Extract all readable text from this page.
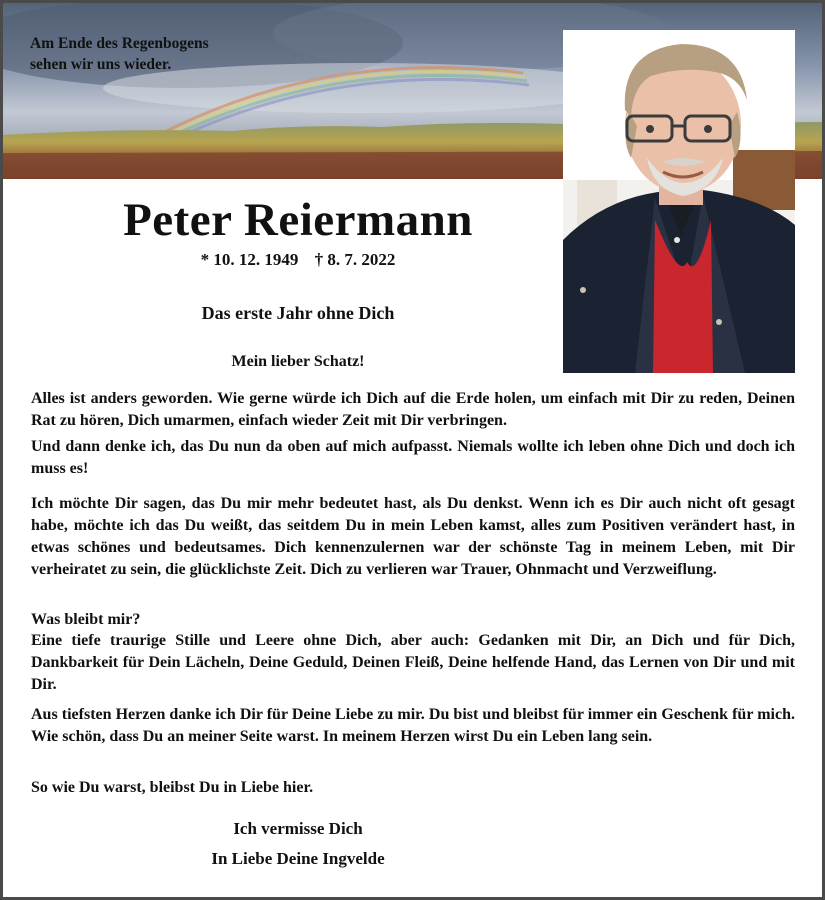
Am Ende des Regenbogens
sehen wir uns wieder.
Peter Reiermann
* 10. 12. 1949 † 8. 7. 2022
Das erste Jahr ohne Dich
Mein lieber Schatz!
Alles ist anders geworden. Wie gerne würde ich Dich auf die Erde holen, um einfach mit Dir zu reden, Deinen Rat zu hören, Dich umarmen, einfach wieder Zeit mit Dir verbringen.
Und dann denke ich, das Du nun da oben auf mich aufpasst. Niemals wollte ich leben ohne Dich und doch ich muss es!
Ich möchte Dir sagen, das Du mir mehr bedeutet hast, als Du denkst. Wenn ich es Dir auch nicht oft gesagt habe, möchte ich das Du weißt, das seitdem Du in mein Leben kamst, alles zum Positiven verändert hast, in etwas schönes und bedeutsames. Dich kennenzulernen war der schönste Tag in meinem Leben, mit Dir verheiratet zu sein, die glücklichste Zeit. Dich zu verlieren war Trauer, Ohnmacht und Verzweiflung.
Was bleibt mir?
Eine tiefe traurige Stille und Leere ohne Dich, aber auch: Gedanken mit Dir, an Dich und für Dich, Dankbarkeit für Dein Lächeln, Deine Geduld, Deinen Fleiß, Deine helfende Hand, das Lernen von Dir und mit Dir.
Aus tiefsten Herzen danke ich Dir für Deine Liebe zu mir. Du bist und bleibst für immer ein Geschenk für mich. Wie schön, dass Du an meiner Seite warst. In meinem Herzen wirst Du ein Leben lang sein.
So wie Du warst, bleibst Du in Liebe hier.
Ich vermisse Dich
In Liebe Deine Ingvelde
